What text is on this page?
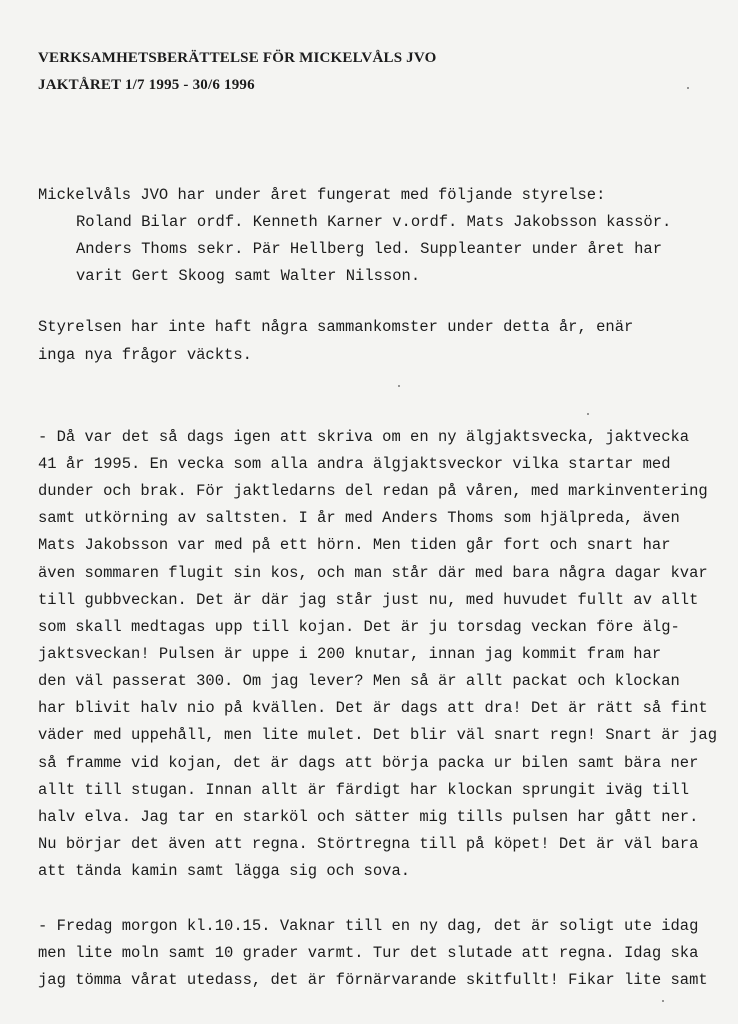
VERKSAMHETSBERÄTTELSE FÖR MICKELVÅLS JVO
JAKTÅRET 1/7 1995 - 30/6 1996
Mickelvåls JVO har under året fungerat med följande styrelse:
Roland Bilar ordf. Kenneth Karner v.ordf. Mats Jakobsson kassör.
Anders Thoms sekr. Pär Hellberg led. Suppleanter under året har
varit Gert Skoog samt Walter Nilsson.
Styrelsen har inte haft några sammankomster under detta år, enär
inga nya frågor väckts.
- Då var det så dags igen att skriva om en ny älgjaktsvecka, jaktvecka
41 år 1995. En vecka som alla andra älgjaktsveckor vilka startar med
dunder och brak. För jaktledarns del redan på våren, med markinventering
samt utkörning av saltsten. I år med Anders Thoms som hjälpreda, även
Mats Jakobsson var med på ett hörn. Men tiden går fort och snart har
även sommaren flugit sin kos, och man står där med bara några dagar kvar
till gubbveckan. Det är där jag står just nu, med huvudet fullt av allt
som skall medtagas upp till kojan. Det är ju torsdag veckan före älg-
jaktsveckan! Pulsen är uppe i 200 knutar, innan jag kommit fram har
den väl passerat 300. Om jag lever? Men så är allt packat och klockan
har blivit halv nio på kvällen. Det är dags att dra! Det är rätt så fint
väder med uppehåll, men lite mulet. Det blir väl snart regn! Snart är jag
så framme vid kojan, det är dags att börja packa ur bilen samt bära ner
allt till stugan. Innan allt är färdigt har klockan sprungit iväg till
halv elva. Jag tar en starköl och sätter mig tills pulsen har gått ner.
Nu börjar det även att regna. Störtregna till på köpet! Det är väl bara
att tända kamin samt lägga sig och sova.
- Fredag morgon kl.10.15. Vaknar till en ny dag, det är soligt ute idag
men lite moln samt 10 grader varmt. Tur det slutade att regna. Idag ska
jag tömma vårat utedass, det är förnärvarande skitfullt! Fikar lite samt
